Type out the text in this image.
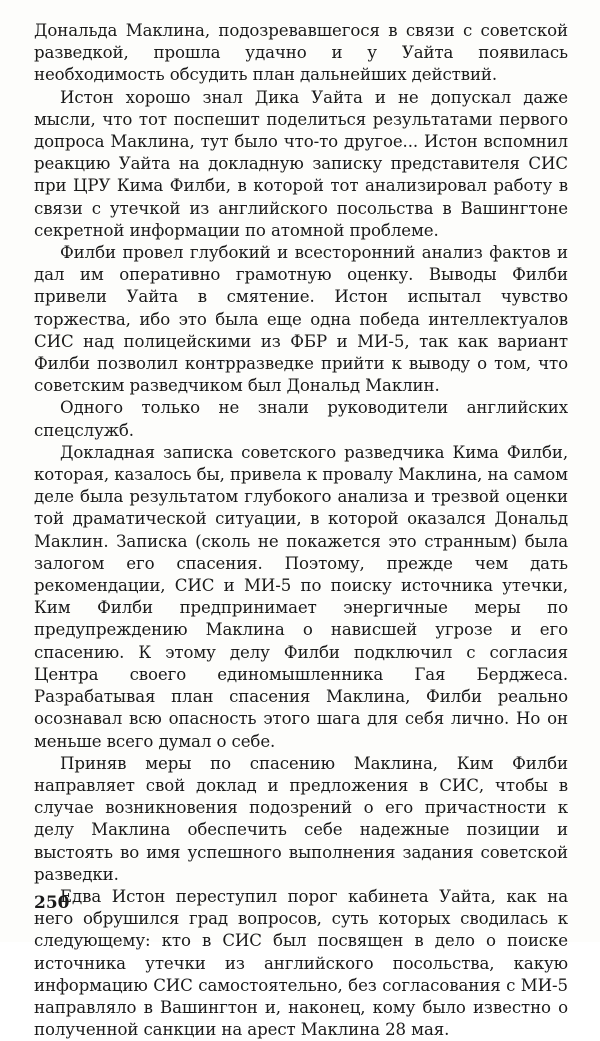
Дональда Маклина, подозревавшегося в связи с советской разведкой, прошла удачно и у Уайта появилась необходимость обсудить план дальнейших действий.

Истон хорошо знал Дика Уайта и не допускал даже мысли, что тот поспешит поделиться результатами первого допроса Маклина, тут было что-то другое... Истон вспомнил реакцию Уайта на докладную записку представителя СИС при ЦРУ Кима Филби, в которой тот анализировал работу в связи с утечкой из английского посольства в Вашингтоне секретной информации по атомной проблеме.

Филби провел глубокий и всесторонний анализ фактов и дал им оперативно грамотную оценку. Выводы Филби привели Уайта в смятение. Истон испытал чувство торжества, ибо это была еще одна победа интеллектуалов СИС над полицейскими из ФБР и МИ-5, так как вариант Филби позволил контрразведке прийти к выводу о том, что советским разведчиком был Дональд Маклин.

Одного только не знали руководители английских спецслужб.

Докладная записка советского разведчика Кима Филби, которая, казалось бы, привела к провалу Маклина, на самом деле была результатом глубокого анализа и трезвой оценки той драматической ситуации, в которой оказался Дональд Маклин. Записка (сколь не покажется это странным) была залогом его спасения. Поэтому, прежде чем дать рекомендации, СИС и МИ-5 по поиску источника утечки, Ким Филби предпринимает энергичные меры по предупреждению Маклина о нависшей угрозе и его спасению. К этому делу Филби подключил с согласия Центра своего единомышленника Гая Берджеса. Разрабатывая план спасения Маклина, Филби реально осознавал всю опасность этого шага для себя лично. Но он меньше всего думал о себе.

Приняв меры по спасению Маклина, Ким Филби направляет свой доклад и предложения в СИС, чтобы в случае возникновения подозрений о его причастности к делу Маклина обеспечить себе надежные позиции и выстоять во имя успешного выполнения задания советской разведки.

Едва Истон переступил порог кабинета Уайта, как на него обрушился град вопросов, суть которых сводилась к следующему: кто в СИС был посвящен в дело о поиске источника утечки из английского посольства, какую информацию СИС самостоятельно, без согласования с МИ-5 направляло в Вашингтон и, наконец, кому было известно о полученной санкции на арест Маклина 28 мая.

250
